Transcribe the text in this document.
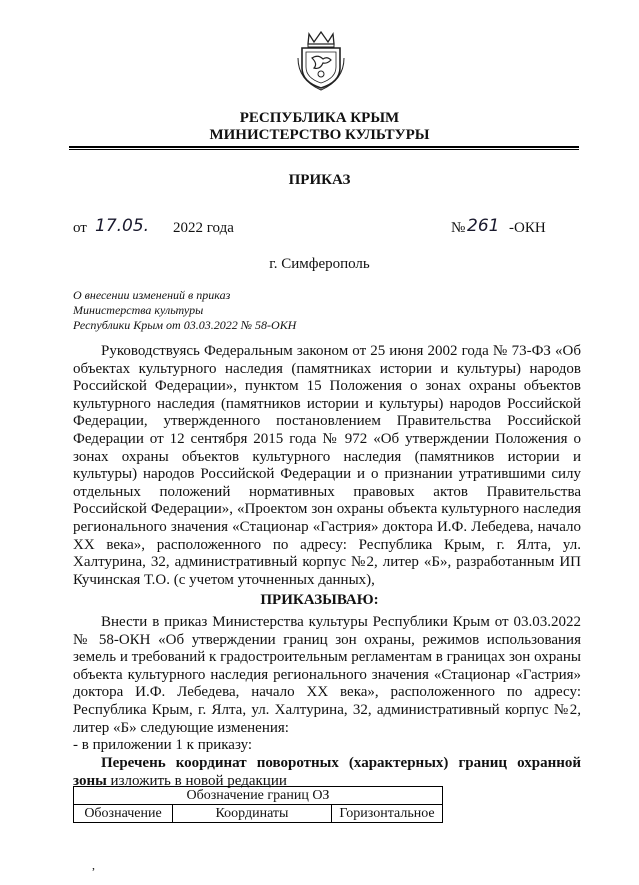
РЕСПУБЛИКА КРЫМ
МИНИСТЕРСТВО КУЛЬТУРЫ
ПРИКАЗ
от 17.05. 2022 года	№ 261 -ОКН
г. Симферополь
О внесении изменений в приказ
Министерства культуры
Республики Крым от 03.03.2022 № 58-ОКН
Руководствуясь Федеральным законом от 25 июня 2002 года № 73-ФЗ «Об объектах культурного наследия (памятниках истории и культуры) народов Российской Федерации», пунктом 15 Положения о зонах охраны объектов культурного наследия (памятников истории и культуры) народов Российской Федерации, утвержденного постановлением Правительства Российской Федерации от 12 сентября 2015 года № 972 «Об утверждении Положения о зонах охраны объектов культурного наследия (памятников истории и культуры) народов Российской Федерации и о признании утратившими силу отдельных положений нормативных правовых актов Правительства Российской Федерации», «Проектом зон охраны объекта культурного наследия регионального значения «Стационар «Гастрия» доктора И.Ф. Лебедева, начало XX века», расположенного по адресу: Республика Крым, г. Ялта, ул. Халтурина, 32, административный корпус №2, литер «Б», разработанным ИП Кучинская Т.О. (с учетом уточненных данных),
ПРИКАЗЫВАЮ:
Внести в приказ Министерства культуры Республики Крым от 03.03.2022 № 58-ОКН «Об утверждении границ зон охраны, режимов использования земель и требований к градостроительным регламентам в границах зон охраны объекта культурного наследия регионального значения «Стационар «Гастрия» доктора И.Ф. Лебедева, начало XX века», расположенного по адресу: Республика Крым, г. Ялта, ул. Халтурина, 32, административный корпус №2, литер «Б» следующие изменения:
- в приложении 1 к приказу:
Перечень координат поворотных (характерных) границ охранной зоны изложить в новой редакции
Обозначение границ ОЗ
Обозначение	Координаты	Горизонтальное
,
